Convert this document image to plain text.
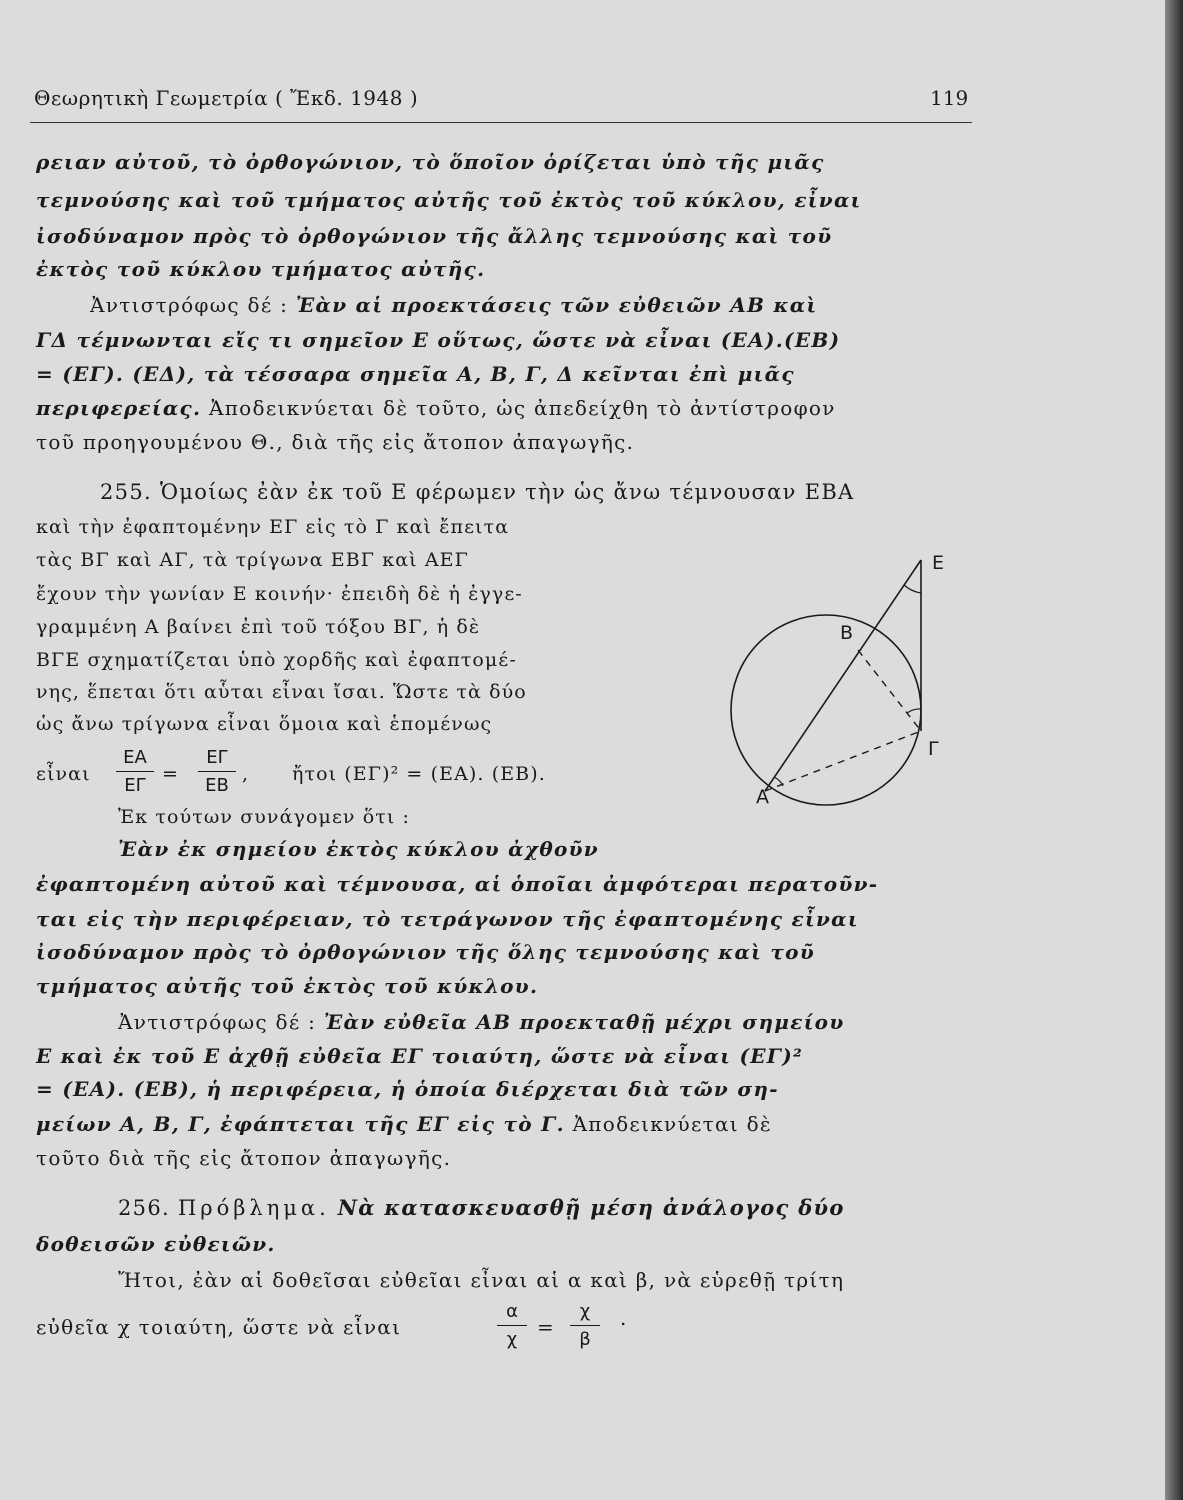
Θεωρητικὴ Γεωμετρία ( Ἔκδ. 1948 )	119
ρειαν αὐτοῦ, τὸ ὀρθογώνιον, τὸ ὅποῖον ὁρίζεται ὑπὸ τῆς μιᾶς
τεμνούσης καὶ τοῦ τμήματος αὐτῆς τοῦ ἐκτὸς τοῦ κύκλου, εἶναι
ἰσοδύναμον πρὸς τὸ ὀρθογώνιον τῆς ἄλλης τεμνούσης καὶ τοῦ
ἐκτὸς τοῦ κύκλου τμήματος αὐτῆς.
Ἀντιστρόφως δέ : Ἐὰν αἱ προεκτάσεις τῶν εὐθειῶν ΑΒ καὶ
ΓΔ τέμνωνται εἴς τι σημεῖον Ε οὕτως, ὥστε νὰ εἶναι (ΕΑ).(ΕΒ)
= (ΕΓ). (ΕΔ), τὰ τέσσαρα σημεῖα Α, Β, Γ, Δ κεῖνται ἐπὶ μιᾶς
περιφερείας. Ἀποδεικνύεται δὲ τοῦτο, ὡς ἀπεδείχθη τὸ ἀντίστροφον
τοῦ προηγουμένου Θ., διὰ τῆς εἰς ἄτοπον ἀπαγωγῆς.
255. Ὁμοίως ἐὰν ἐκ τοῦ Ε φέρωμεν τὴν ὡς ἄνω τέμνουσαν ΕΒΑ
καὶ τὴν ἐφαπτομένην ΕΓ εἰς τὸ Γ καὶ ἔπειτα
τὰς ΒΓ καὶ ΑΓ, τὰ τρίγωνα ΕΒΓ καὶ ΑΕΓ
ἔχουν τὴν γωνίαν Ε κοινήν· ἐπειδὴ δὲ ἡ ἐγγε-
γραμμένη Α βαίνει ἐπὶ τοῦ τόξου ΒΓ, ἡ δὲ
ΒΓΕ σχηματίζεται ὑπὸ χορδῆς καὶ ἐφαπτομέ-
νης, ἕπεται ὅτι αὗται εἶναι ἴσαι. Ὥστε τὰ δύο
ὡς ἄνω τρίγωνα εἶναι ὅμοια καὶ ἑπομένως
εἶναι
ΕΑ
ΕΓ
=
ΕΓ
ΕΒ
,      ἤτοι (ΕΓ)² = (ΕΑ). (ΕΒ).
Ἐκ τούτων συνάγομεν ὅτι :
Ἐὰν ἐκ σημείου ἐκτὸς κύκλου ἀχθοῦν
ἐφαπτομένη αὐτοῦ καὶ τέμνουσα, αἱ ὁποῖαι ἀμφότεραι περατοῦν-
ται εἰς τὴν περιφέρειαν, τὸ τετράγωνον τῆς ἐφαπτομένης εἶναι
ἰσοδύναμον πρὸς τὸ ὀρθογώνιον τῆς ὅλης τεμνούσης καὶ τοῦ
τμήματος αὐτῆς τοῦ ἐκτὸς τοῦ κύκλου.
Ἀντιστρόφως δέ : Ἐὰν εὐθεῖα ΑΒ προεκταθῇ μέχρι σημείου
Ε καὶ ἐκ τοῦ Ε ἀχθῇ εὐθεῖα ΕΓ τοιαύτη, ὥστε νὰ εἶναι (ΕΓ)²
= (ΕΑ). (ΕΒ), ἡ περιφέρεια, ἡ ὁποία διέρχεται διὰ τῶν ση-
μείων Α, Β, Γ, ἐφάπτεται τῆς ΕΓ εἰς τὸ Γ. Ἀποδεικνύεται δὲ
τοῦτο διὰ τῆς εἰς ἄτοπον ἀπαγωγῆς.
256. Πρόβλημα. Νὰ κατασκευασθῇ μέση ἀνάλογος δύο
δοθεισῶν εὐθειῶν.
Ἤτοι, ἐὰν αἱ δοθεῖσαι εὐθεῖαι εἶναι αἱ α καὶ β, νὰ εὑρεθῇ τρίτη
εὐθεῖα χ τοιαύτη, ὥστε νὰ εἶναι
α
χ
=
χ
β
.
Ε
Β
Γ
Α
